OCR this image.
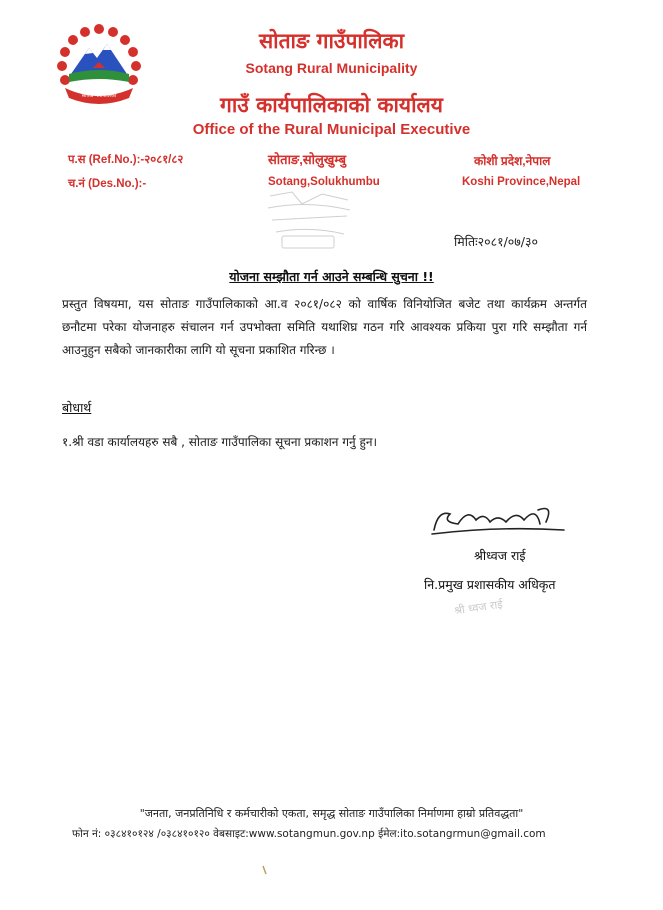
सोताङ गाउँपालिका
सोताङ गाउँपालिका
Sotang Rural Municipality
गाउँ कार्यपालिकाको कार्यालय
Office of the Rural Municipal Executive
प.स (Ref.No.):-२०८१/८२
च.नं (Des.No.):-
सोताङ,सोलुखुम्बु
Sotang,Solukhumbu
कोशी प्रदेश,नेपाल
Koshi Province,Nepal
मितिः२०८१/०७/३०
योजना सम्झौता गर्न आउने सम्बन्धि सुचना !!
प्रस्तुत विषयमा, यस सोताङ गाउँपालिकाको आ.व २०८१/०८२ को वार्षिक विनियोजित बजेट तथा कार्यक्रम अन्तर्गत छनौटमा परेका योजनाहरु संचालन गर्न उपभोक्ता समिति यथाशिघ्र गठन गरि आवश्यक प्रकिया पुरा गरि सम्झौता गर्न आउनुहुन सबैको जानकारीका लागि यो सूचना प्रकाशित गरिन्छ ।
बोधार्थ
१.श्री वडा कार्यालयहरु सबै , सोताङ गाउँपालिका सूचना प्रकाशन गर्नु हुन।
श्रीध्वज राई
नि.प्रमुख प्रशासकीय अधिकृत
श्री ध्वज राई
"जनता, जनप्रतिनिधि र कर्मचारीको एकता, समृद्ध सोताङ गाउँपालिका निर्माणमा हाम्रो प्रतिवद्धता"
फोन नं: ०३८४१०१२४ /०३८४१०१२० वेबसाइट:www.sotangmun.gov.np ईमेल:ito.sotangrmun@gmail.com
